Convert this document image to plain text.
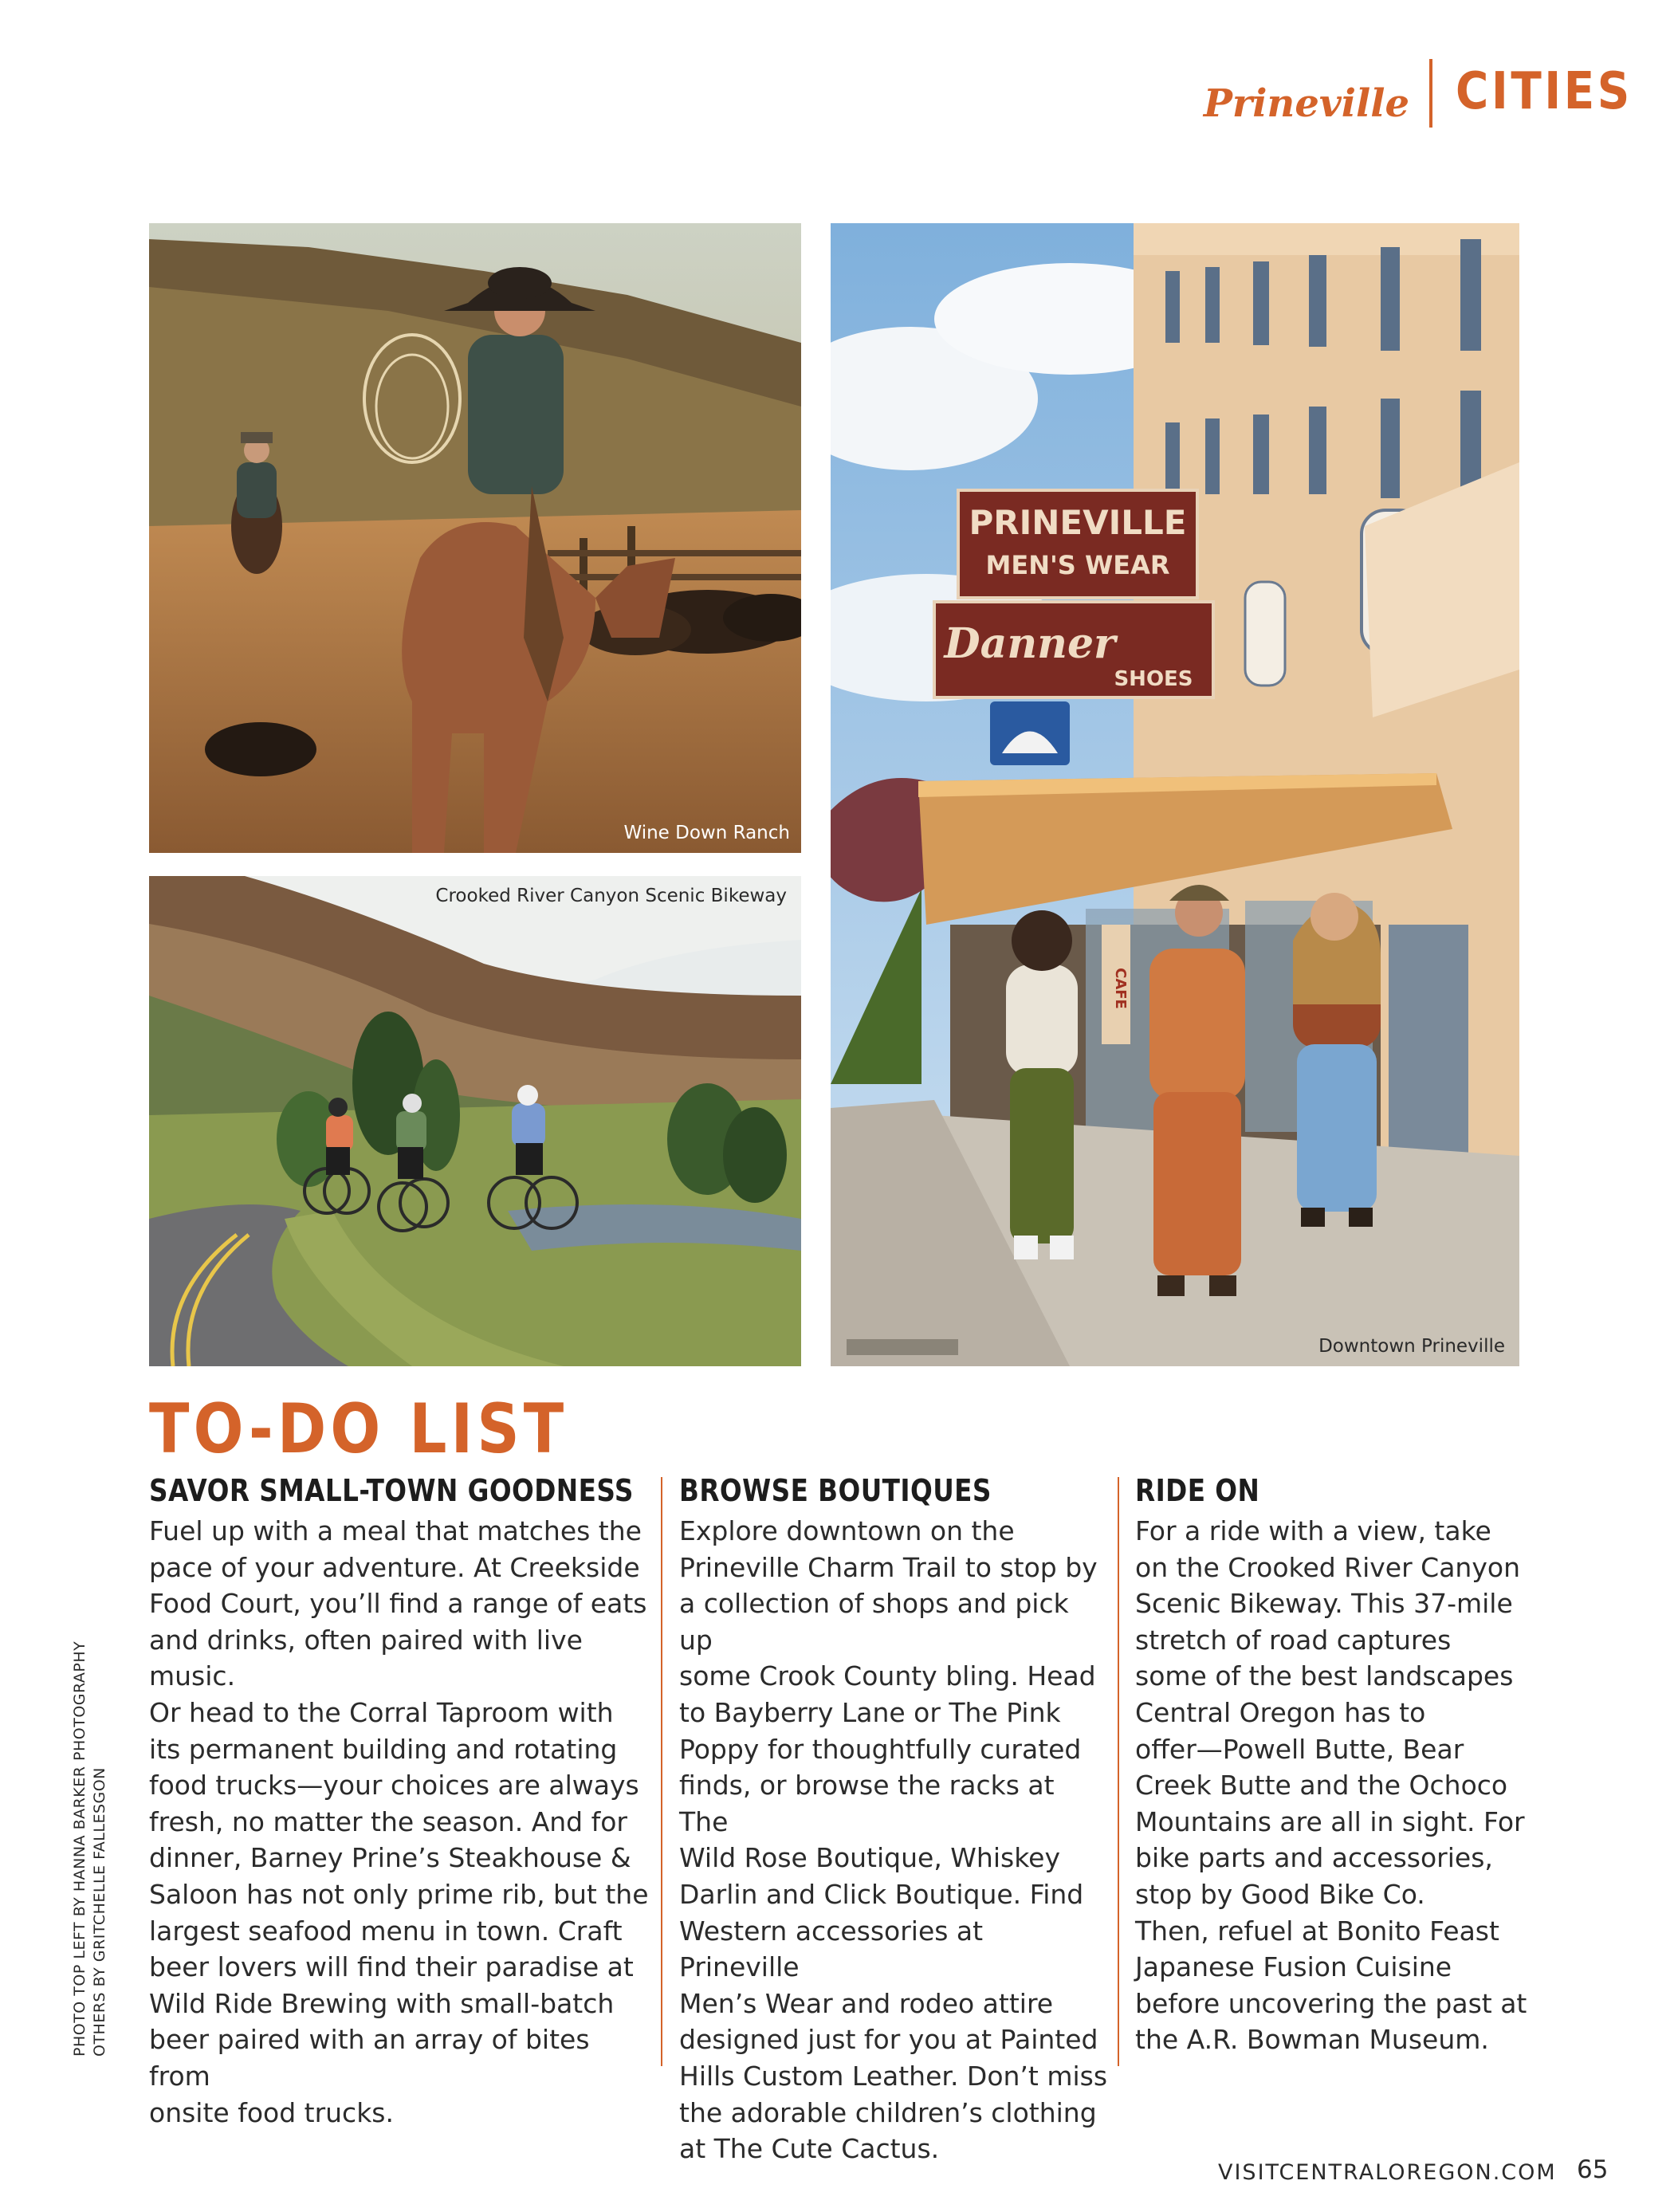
Prineville CITIES
Wine Down Ranch
Crooked River Canyon Scenic Bikeway
PRINEVILLE
MEN'S WEAR
Danner
SHOES
CAFE
Downtown Prineville
TO-DO LIST
SAVOR SMALL-TOWN GOODNESS

Fuel up with a meal that matches the
pace of your adventure. At Creekside
Food Court, you’ll find a range of eats
and drinks, often paired with live music.
Or head to the Corral Taproom with
its permanent building and rotating
food trucks—your choices are always
fresh, no matter the season. And for
dinner, Barney Prine’s Steakhouse &
Saloon has not only prime rib, but the
largest seafood menu in town. Craft
beer lovers will find their paradise at
Wild Ride Brewing with small-batch
beer paired with an array of bites from
onsite food trucks.

BROWSE BOUTIQUES

Explore downtown on the
Prineville Charm Trail to stop by
a collection of shops and pick up
some Crook County bling. Head
to Bayberry Lane or The Pink
Poppy for thoughtfully curated
finds, or browse the racks at The
Wild Rose Boutique, Whiskey
Darlin and Click Boutique. Find
Western accessories at Prineville
Men’s Wear and rodeo attire
designed just for you at Painted
Hills Custom Leather. Don’t miss
the adorable children’s clothing
at The Cute Cactus.

RIDE ON

For a ride with a view, take
on the Crooked River Canyon
Scenic Bikeway. This 37-mile
stretch of road captures
some of the best landscapes
Central Oregon has to
offer—Powell Butte, Bear
Creek Butte and the Ochoco
Mountains are all in sight. For
bike parts and accessories,
stop by Good Bike Co.
Then, refuel at Bonito Feast
Japanese Fusion Cuisine
before uncovering the past at
the A.R. Bowman Museum.

PHOTO TOP LEFT BY HANNA BARKER PHOTOGRAPHY OTHERS BY GRITCHELLE FALLESGON
VISITCENTRALOREGON.COM 65
